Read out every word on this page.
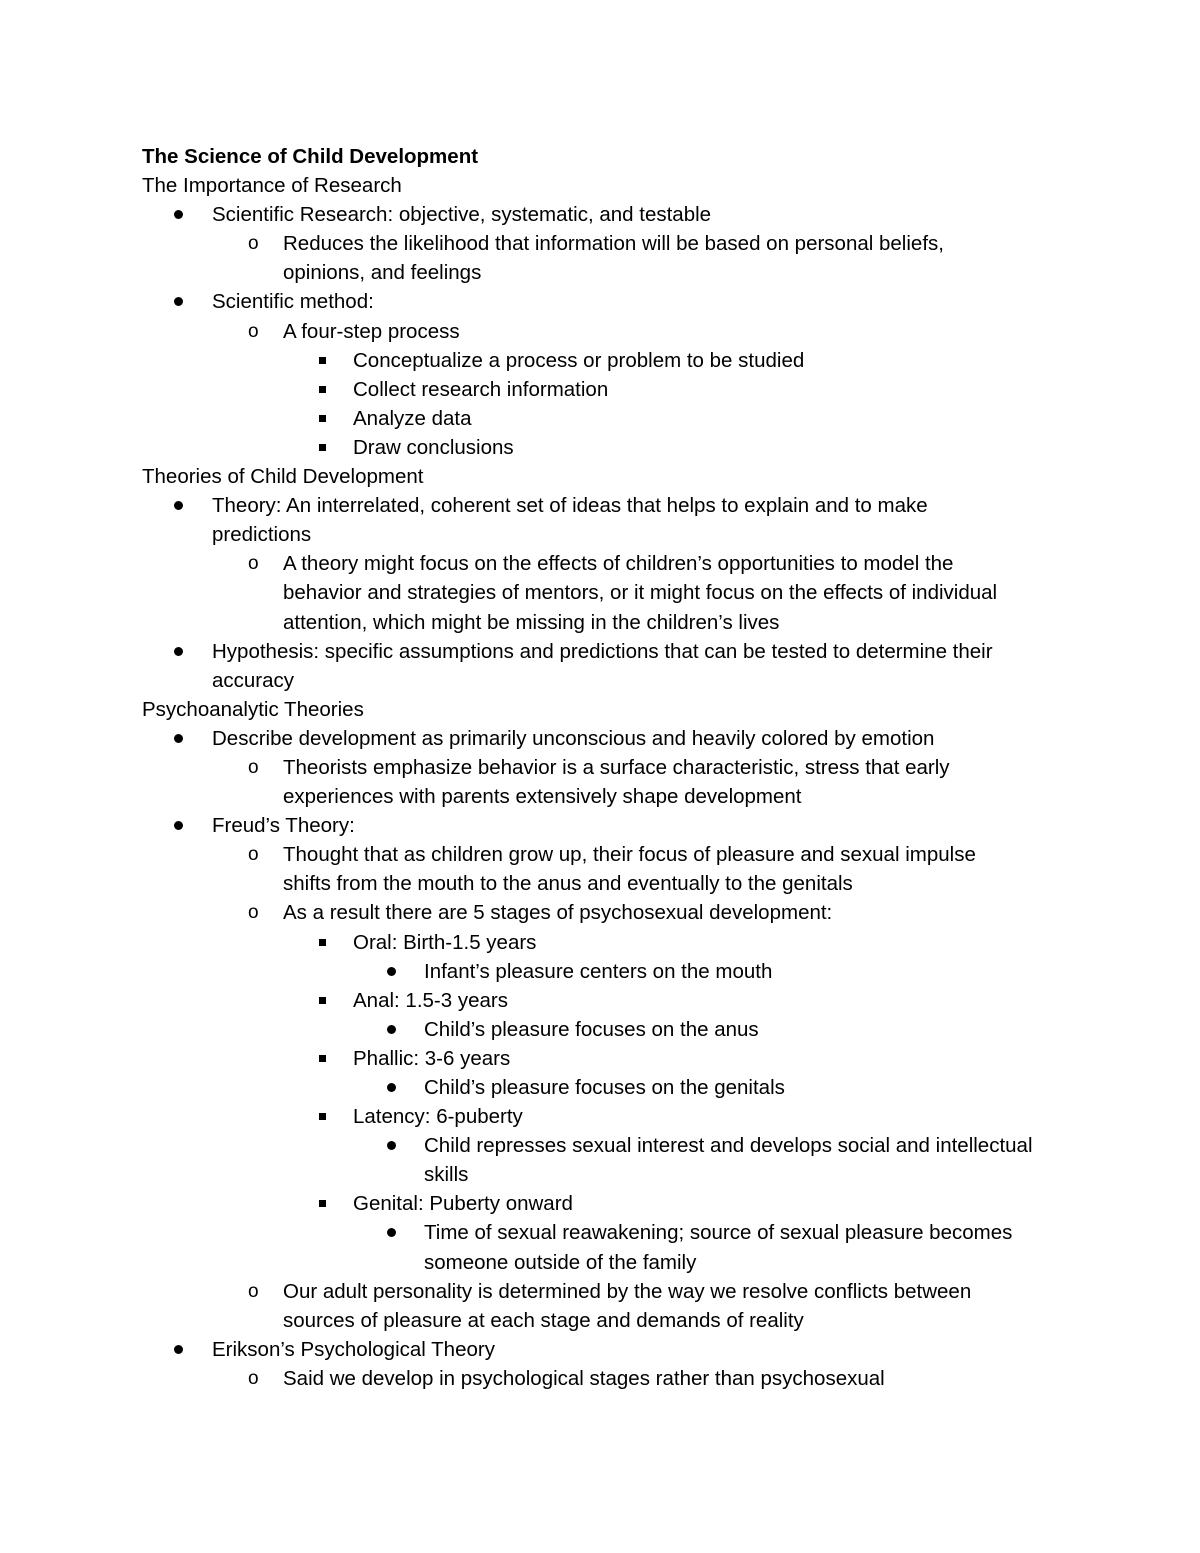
The Science of Child Development
The Importance of Research
Scientific Research: objective, systematic, and testable
o Reduces the likelihood that information will be based on personal beliefs,
opinions, and feelings
Scientific method:
o A four-step process
Conceptualize a process or problem to be studied
Collect research information
Analyze data
Draw conclusions
Theories of Child Development
Theory: An interrelated, coherent set of ideas that helps to explain and to make
predictions
o A theory might focus on the effects of children’s opportunities to model the
behavior and strategies of mentors, or it might focus on the effects of individual
attention, which might be missing in the children’s lives
Hypothesis: specific assumptions and predictions that can be tested to determine their
accuracy
Psychoanalytic Theories
Describe development as primarily unconscious and heavily colored by emotion
o Theorists emphasize behavior is a surface characteristic, stress that early
experiences with parents extensively shape development
Freud’s Theory:
o Thought that as children grow up, their focus of pleasure and sexual impulse
shifts from the mouth to the anus and eventually to the genitals
o As a result there are 5 stages of psychosexual development:
Oral: Birth-1.5 years
Infant’s pleasure centers on the mouth
Anal: 1.5-3 years
Child’s pleasure focuses on the anus
Phallic: 3-6 years
Child’s pleasure focuses on the genitals
Latency: 6-puberty
Child represses sexual interest and develops social and intellectual
skills
Genital: Puberty onward
Time of sexual reawakening; source of sexual pleasure becomes
someone outside of the family
o Our adult personality is determined by the way we resolve conflicts between
sources of pleasure at each stage and demands of reality
Erikson’s Psychological Theory
o Said we develop in psychological stages rather than psychosexual
